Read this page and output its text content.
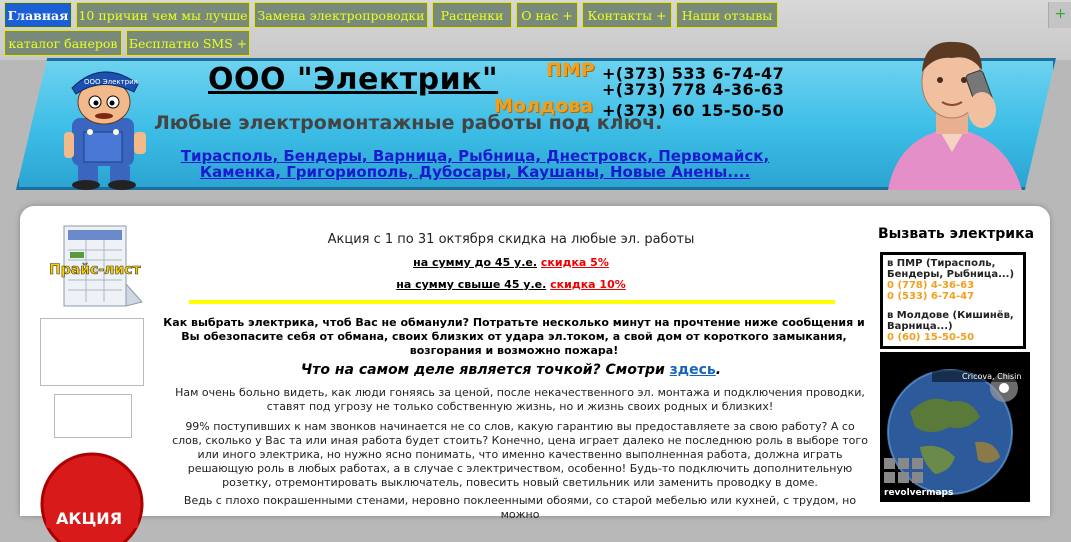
Главная 10 причин чем мы лучше Замена электропроводки	Расценки	О нас +	Контакты +	Наши отзывы
каталог банеров Бесплатно SMS +
+
ООО Электрик ООО "Электрик"	ПМР
Молдова
+(373) 533 6-74-47
+(373) 778 4-36-63
+(373) 60 15-50-50
Любые электромонтажные работы под ключ.
Тирасполь, Бендеры, Варница, Рыбница, Днестровск, Первомайск,
Каменка, Григориополь, Дубосары, Каушаны, Новые Анены....
Прайс-лист
АКЦИЯ
Акция с 1 по 31 октября скидка на любые эл. работы
на сумму до 45 у.е. скидка 5%
на сумму свыше 45 у.е. скидка 10%
Как выбрать электрика, чтоб Вас не обманули? Потратьте несколько минут на прочтение ниже сообщения и Вы обезопасите себя от обмана, своих близких от удара эл.током, а свой дом от короткого замыкания, возгорания и возможно пожара!
Что на самом деле является точкой? Смотри здесь.
Нам очень больно видеть, как люди гоняясь за ценой, после некачественного эл. монтажа и подключения проводки, ставят под угрозу не только собственную жизнь, но и жизнь своих родных и близких!
99% поступивших к нам звонков начинается не со слов, какую гарантию вы предоставляете за свою работу? А со слов, сколько у Вас та или иная работа будет стоить? Конечно, цена играет далеко не последнюю роль в выборе того или иного электрика, но нужно ясно понимать, что именно качественно выполненная работа, должна играть решающую роль в любых работах, а в случае с электричеством, особенно! Будь-то подключить дополнительную розетку, отремонтировать выключатель, повесить новый светильник или заменить проводку в доме.
Ведь с плохо покрашенными стенами, неровно поклеенными обоями, со старой мебелью или кухней, с трудом, но можно
Вызвать электрика
в ПМР (Тирасполь, Бендеры, Рыбница...)
0 (778) 4-36-63
0 (533) 6-74-47
в Молдове (Кишинёв, Варница...)
0 (60) 15-50-50
Cricova, Chisin
revolvermaps
